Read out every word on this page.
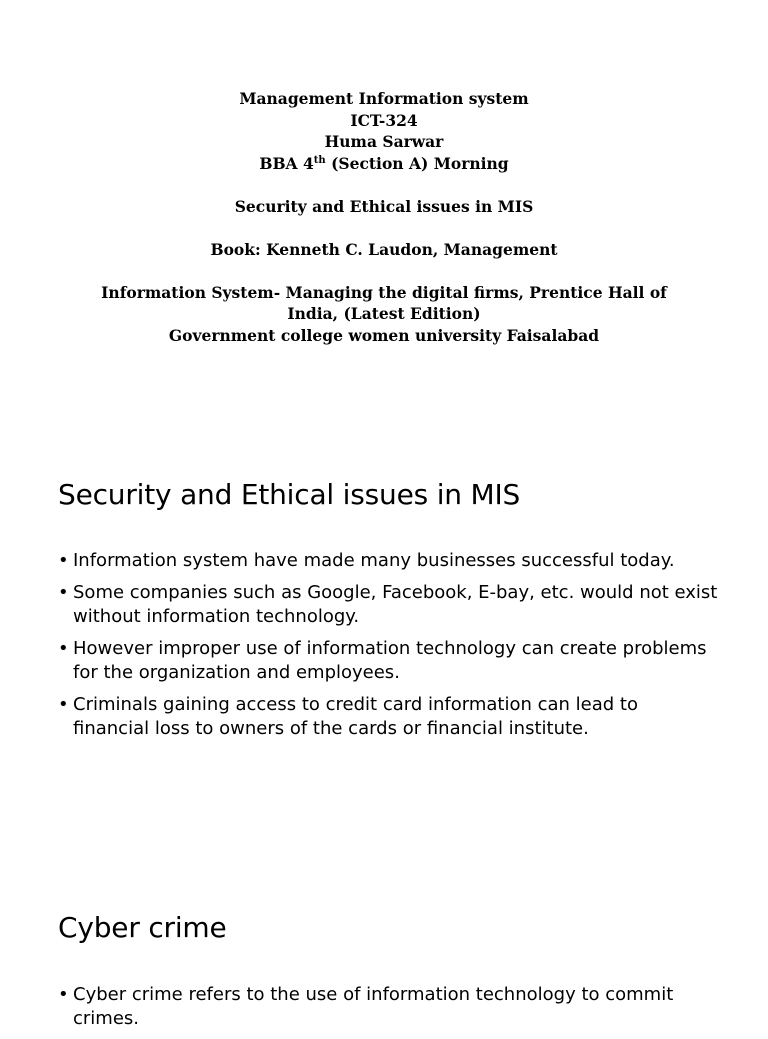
Management Information system
ICT-324
Huma Sarwar
BBA 4th (Section A) Morning
Security and Ethical issues in MIS
Book: Kenneth C. Laudon, Management
Information System- Managing the digital firms, Prentice Hall of
India, (Latest Edition)
Government college women university Faisalabad
Security and Ethical issues in MIS
• Information system have made many businesses successful today.
• Some companies such as Google, Facebook, E-bay, etc. would not exist without information technology.
• However improper use of information technology can create problems for the organization and employees.
• Criminals gaining access to credit card information can lead to financial loss to owners of the cards or financial institute.
Cyber crime
• Cyber crime refers to the use of information technology to commit crimes.
